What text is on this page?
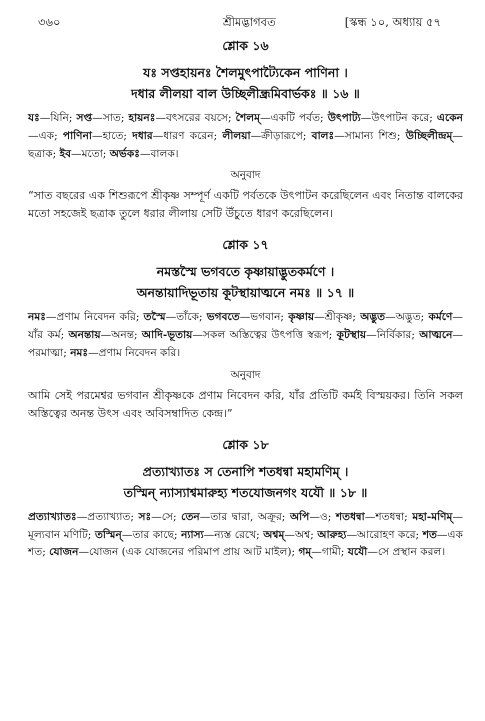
৩৬০	শ্রীমদ্ভাগবত	[স্কন্ধ ১০, অধ্যায় ৫৭
শ্লোক ১৬
যঃ সপ্তহায়নঃ শৈলমুৎপাট্যৈকেন পাণিনা ।
দধার লীলয়া বাল উচ্ছিলীন্ধ্রমিবার্ভকঃ ॥ ১৬ ॥
যঃ—যিনি; সপ্ত—সাত; হায়নঃ—বৎসরের বয়সে; শৈলম্—একটি পর্বত; উৎপাট্য—উৎপাটন করে; একেন—এক; পাণিনা—হাতে; দধার—ধারণ করেন; লীলয়া—ক্রীড়ারূপে; বালঃ—সামান্য শিশু; উচ্ছিলীন্দ্রম্—ছত্রাক; ইব—মতো; অর্ভকঃ—বালক।
অনুবাদ
“সাত বছরের এক শিশুরূপে শ্রীকৃষ্ণ সম্পূর্ণ একটি পর্বতকে উৎপাটন করেছিলেন এবং নিতান্ত বালকের মতো সহজেই ছত্রাক তুলে ধরার লীলায় সেটি উঁচুতে ধারণ করেছিলেন।
শ্লোক ১৭
নমস্তস্মৈ ভগবতে কৃষ্ণায়াদ্ভুতকর্মণে ।
অনন্তায়াদিভূতায় কূটস্থায়াত্মনে নমঃ ॥ ১৭ ॥
নমঃ—প্রণাম নিবেদন করি; তস্মৈ—তাঁকে; ভগবতে—ভগবান; কৃষ্ণায়—শ্রীকৃষ্ণ; অদ্ভুত—অদ্ভুত; কর্মণে—যাঁর কর্ম; অনন্তায়—অনন্ত; আদি-ভূতায়—সকল অস্তিত্বের উৎপত্তি স্বরূপ; কূটস্থায়—নির্বিকার; আত্মনে—পরমাত্মা; নমঃ—প্রণাম নিবেদন করি।
অনুবাদ
আমি সেই পরমেশ্বর ভগবান শ্রীকৃষ্ণকে প্রণাম নিবেদন করি, যাঁর প্রতিটি কর্মই বিস্ময়কর। তিনি সকল অস্তিত্বের অনন্ত উৎস এবং অবিসম্বাদিত কেন্দ্র।”
শ্লোক ১৮
প্রত্যাখ্যাতঃ স তেনাপি শতধন্বা মহামণিম্ ।
তস্মিন্ ন্যাস্যাশ্বমারুহ্য শতযোজনগং যযৌ ॥ ১৮ ॥
প্রত্যাখ্যাতঃ—প্রত্যাখ্যাত; সঃ—সে; তেন—তার দ্বারা, অক্রূর; অপি—ও; শতধন্বা—শতধন্বা; মহা-মণিম্—মূল্যবান মণিটি; তস্মিন্—তার কাছে; ন্যাস্য—ন্যস্ত রেখে; অশ্বম্—অশ্ব; আরুহ্য—আরোহণ করে; শত—এক শত; যোজন—যোজন (এক যোজনের পরিমাপ প্রায় আট মাইল); গম্—গামী; যযৌ—সে প্রস্থান করল।
